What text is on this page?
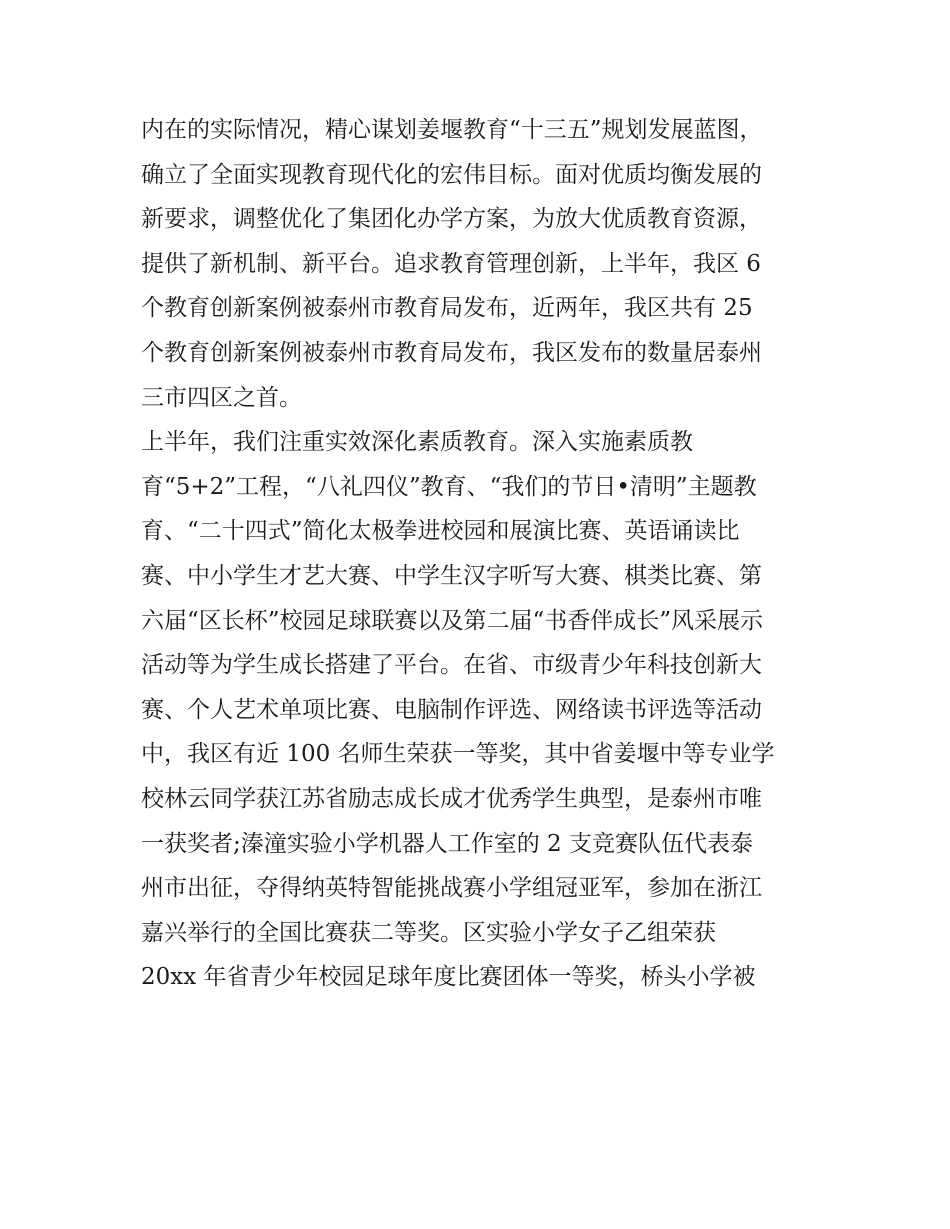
内在的实际情况，精心谋划姜堰教育“十三五”规划发展蓝图，
确立了全面实现教育现代化的宏伟目标。面对优质均衡发展的
新要求，调整优化了集团化办学方案，为放大优质教育资源，
提供了新机制、新平台。追求教育管理创新，上半年，我区 6
个教育创新案例被泰州市教育局发布，近两年，我区共有 25
个教育创新案例被泰州市教育局发布，我区发布的数量居泰州
三市四区之首。
上半年，我们注重实效深化素质教育。深入实施素质教
育“5+2”工程，“八礼四仪”教育、“我们的节日•清明”主题教
育、“二十四式”简化太极拳进校园和展演比赛、英语诵读比
赛、中小学生才艺大赛、中学生汉字听写大赛、棋类比赛、第
六届“区长杯”校园足球联赛以及第二届“书香伴成长”风采展示
活动等为学生成长搭建了平台。在省、市级青少年科技创新大
赛、个人艺术单项比赛、电脑制作评选、网络读书评选等活动
中，我区有近 100 名师生荣获一等奖，其中省姜堰中等专业学
校林云同学获江苏省励志成长成才优秀学生典型，是泰州市唯
一获奖者;溱潼实验小学机器人工作室的 2 支竞赛队伍代表泰
州市出征，夺得纳英特智能挑战赛小学组冠亚军，参加在浙江
嘉兴举行的全国比赛获二等奖。区实验小学女子乙组荣获
20xx 年省青少年校园足球年度比赛团体一等奖，桥头小学被
